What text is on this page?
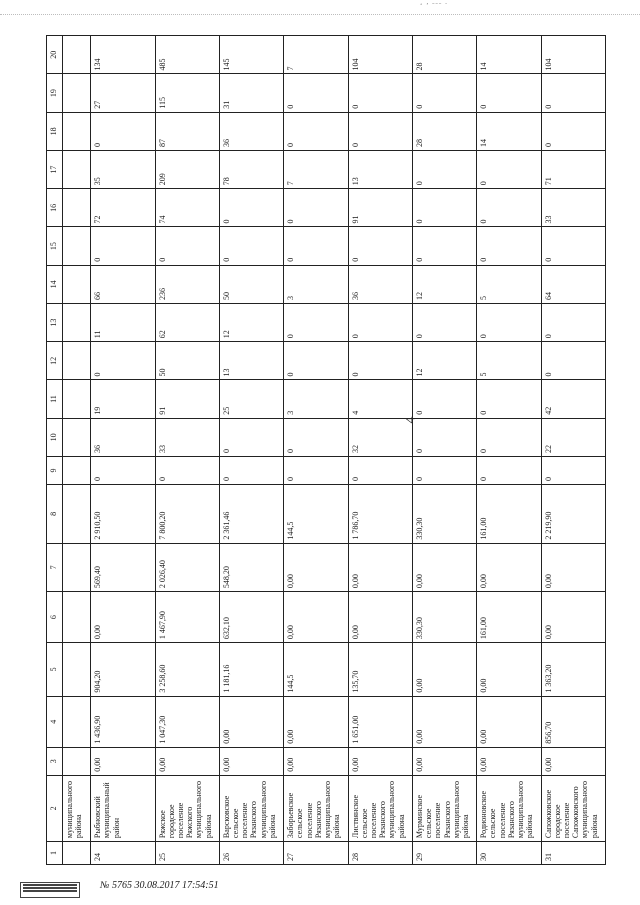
ʻ ʼ ˉˉˉ ˊ
4
1	2	3	4	5	6	7	8	9	10	11	12	13	14	15	16	17	18	19	20
	муниципального района																		
24	Рыбновский муниципальный район	0,00	1 436,90	904,20	0,00	569,40	2 910,50	0	36	19	0	11	66	0	72	35	0	27	134
25	Ряжское городское поселение Ряжского муниципального района	0,00	1 047,30	3 258,60	1 467,90	2 026,40	7 800,20	0	33	91	50	62	236	0	74	209	87	115	485
26	Варсковское сельское поселение Рязанского муниципального района	0,00	0,00	1 181,16	632,10	548,20	2 361,46	0	0	25	13	12	50	0	0	78	36	31	145
27	Заборьевское сельское поселение Рязанского муниципального района	0,00	0,00	144,5	0,00	0,00	144,5	0	0	3	0	0	3	0	0	7	0	0	7
28	Листвянское сельское поселение Рязанского муниципального района	0,00	1 651,00	135,70	0,00	0,00	1 786,70	0	32	4	0	0	36	0	91	13	0	0	104
29	Мурминское сельское поселение Рязанского муниципального района	0,00	0,00	0,00	330,30	0,00	330,30	0	0	0	12	0	12	0	0	0	28	0	28
30	Родионовское сельское поселение Рязанского муниципального района	0,00	0,00	0,00	161,00	0,00	161,00	0	0	0	5	0	5	0	0	0	14	0	14
31	Сапожковское городское поселение Сапожковского муниципального района	0,00	856,70	1 363,20	0,00	0,00	2 219,90	0	22	42	0	0	64	0	33	71	0	0	104
№ 5765 30.08.2017 17:54:51
